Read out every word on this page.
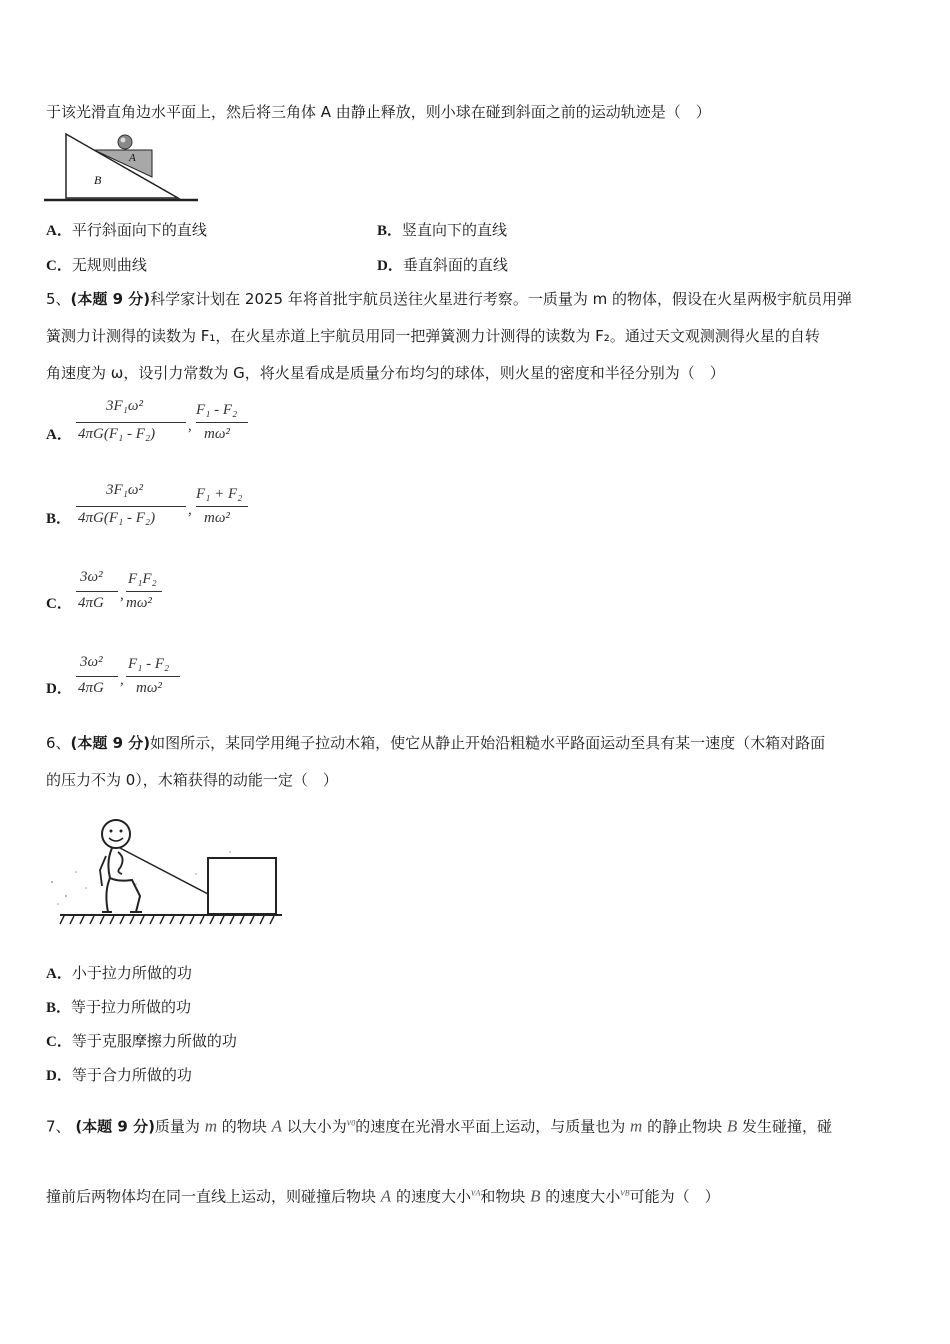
于该光滑直角边水平面上，然后将三角体 A 由静止释放，则小球在碰到斜面之前的运动轨迹是（　）
A
B
A．平行斜面向下的直线	B．竖直向下的直线
C．无规则曲线	D．垂直斜面的直线
5、(本题 9 分)科学家计划在 2025 年将首批宇航员送往火星进行考察。一质量为 m 的物体，假设在火星两极宇航员用弹
簧测力计测得的读数为 F₁，在火星赤道上宇航员用同一把弹簧测力计测得的读数为 F₂。通过天文观测测得火星的自转
角速度为 ω，设引力常数为 G，将火星看成是质量分布均匀的球体，则火星的密度和半径分别为（　）
A．
3F₁ω²
4πG(F₁ - F₂) ,
F₁ - F₂
mω²
B．
3F₁ω²
4πG(F₁ - F₂) ,
F₁ + F₂
mω²
C．
3ω²
4πG ,
F₁F₂
mω²
D．
3ω²
4πG ,
F₁ - F₂
mω²
6、(本题 9 分)如图所示，某同学用绳子拉动木箱，使它从静止开始沿粗糙水平路面运动至具有某一速度（木箱对路面
的压力不为 0），木箱获得的动能一定（　）
A．小于拉力所做的功
B．等于拉力所做的功
C．等于克服摩擦力所做的功
D．等于合力所做的功
7、 (本题 9 分)质量为 m 的物块 A 以大小为$^{v0}$的速度在光滑水平面上运动，与质量也为 m 的静止物块 B 发生碰撞，碰
撞前后两物体均在同一直线上运动，则碰撞后物块 A 的速度大小$^{vA}$和物块 B 的速度大小$^{vB}$可能为（　）
